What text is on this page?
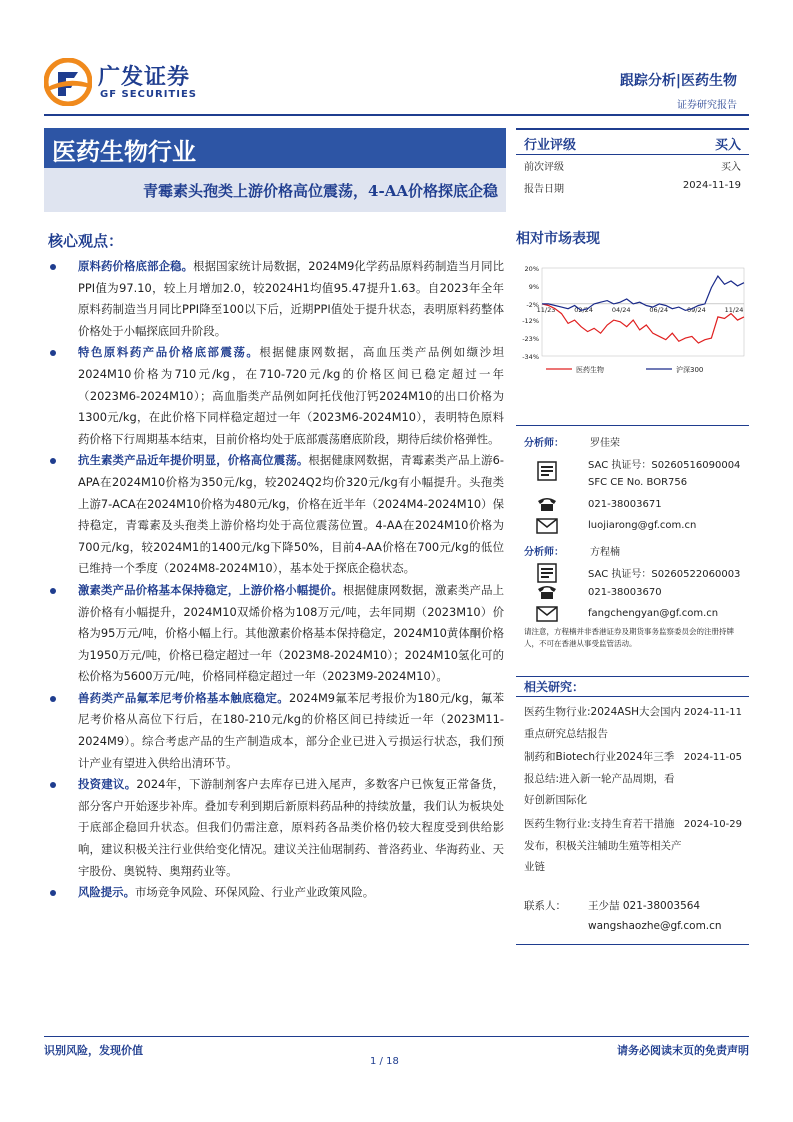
广发证券
GF SECURITIES
跟踪分析|医药生物
证券研究报告
医药生物行业
青霉素头孢类上游价格高位震荡，4-AA价格探底企稳
行业评级	买入
前次评级	买入
报告日期	2024-11-19
核心观点：
原料药价格底部企稳。根据国家统计局数据，2024M9化学药品原料药制造当月同比PPI值为97.10，较上月增加2.0，较2024H1均值95.47提升1.63。自2023年全年原料药制造当月同比PPI降至100以下后，近期PPI值处于提升状态，表明原料药整体价格处于小幅探底回升阶段。
特色原料药产品价格底部震荡。根据健康网数据，高血压类产品例如缬沙坦2024M10价格为710元/kg，在710-720元/kg的价格区间已稳定超过一年（2023M6-2024M10）；高血脂类产品例如阿托伐他汀钙2024M10的出口价格为1300元/kg，在此价格下同样稳定超过一年（2023M6-2024M10），表明特色原料药价格下行周期基本结束，目前价格均处于底部震荡磨底阶段，期待后续价格弹性。
抗生素类产品近年提价明显，价格高位震荡。根据健康网数据，青霉素类产品上游6-APA在2024M10价格为350元/kg，较2024Q2均价320元/kg有小幅提升。头孢类上游7-ACA在2024M10价格为480元/kg，价格在近半年（2024M4-2024M10）保持稳定，青霉素及头孢类上游价格均处于高位震荡位置。4-AA在2024M10价格为700元/kg，较2024M1的1400元/kg下降50%，目前4-AA价格在700元/kg的低位已维持一个季度（2024M8-2024M10），基本处于探底企稳状态。
激素类产品价格基本保持稳定，上游价格小幅提价。根据健康网数据，激素类产品上游价格有小幅提升，2024M10双烯价格为108万元/吨，去年同期（2023M10）价格为95万元/吨，价格小幅上行。其他激素价格基本保持稳定，2024M10黄体酮价格为1950万元/吨，价格已稳定超过一年（2023M8-2024M10）；2024M10氢化可的松价格为5600万元/吨，价格同样稳定超过一年（2023M9-2024M10）。
兽药类产品氟苯尼考价格基本触底稳定。2024M9氟苯尼考报价为180元/kg，氟苯尼考价格从高位下行后，在180-210元/kg的价格区间已持续近一年（2023M11-2024M9）。综合考虑产品的生产制造成本，部分企业已进入亏损运行状态，我们预计产业有望进入供给出清环节。
投资建议。2024年，下游制剂客户去库存已进入尾声，多数客户已恢复正常备货，部分客户开始逐步补库。叠加专利到期后新原料药品种的持续放量，我们认为板块处于底部企稳回升状态。但我们仍需注意，原料药各品类价格仍较大程度受到供给影响，建议积极关注行业供给变化情况。建议关注仙琚制药、普洛药业、华海药业、天宇股份、奥锐特、奥翔药业等。
风险提示。市场竞争风险、环保风险、行业产业政策风险。
相对市场表现
20%
9%
-2%
-12%
-23%
-34%
11/23	02/24	04/24	06/24	09/24	11/24
医药生物	沪深300
分析师：	罗佳荣
SAC 执证号：S0260516090004
SFC CE No. BOR756
021-38003671
luojiarong@gf.com.cn
分析师：	方程楠
SAC 执证号：S0260522060003
021-38003670
fangchengyan@gf.com.cn
请注意，方程楠并非香港证券及期货事务监察委员会的注册持牌人，不可在香港从事受监管活动。
相关研究：
医药生物行业:2024ASH大会国内重点研究总结报告
2024-11-11
制药和Biotech行业2024年三季报总结:进入新一轮产品周期，看好创新国际化
2024-11-05
医药生物行业:支持生育若干措施发布，积极关注辅助生殖等相关产业链
2024-10-29
联系人： 王少喆 021-38003564
wangshaozhe@gf.com.cn
识别风险，发现价值
1 / 18
请务必阅读末页的免责声明
